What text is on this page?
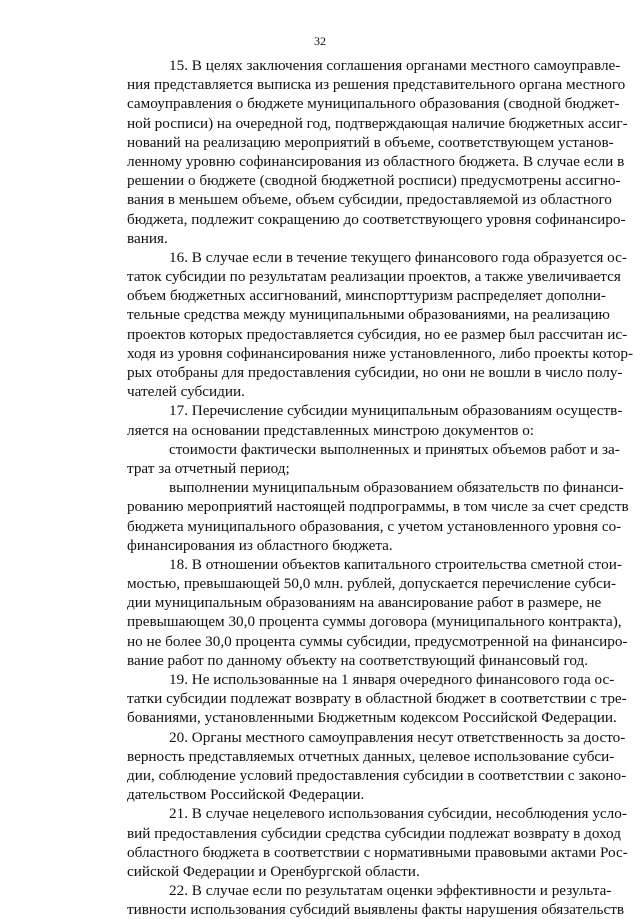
32
15. В целях заключения соглашения органами местного самоуправле-
ния представляется выписка из решения представительного органа местного
самоуправления о бюджете муниципального образования (сводной бюджет-
ной росписи) на очередной год, подтверждающая наличие бюджетных ассиг-
нований на реализацию мероприятий в объеме, соответствующем установ-
ленному уровню софинансирования из областного бюджета. В случае если в
решении о бюджете (сводной бюджетной росписи) предусмотрены ассигно-
вания в меньшем объеме, объем субсидии, предоставляемой из областного
бюджета, подлежит сокращению до соответствующего уровня софинансиро-
вания.
16. В случае если в течение текущего финансового года образуется ос-
таток субсидии по результатам реализации проектов, а также увеличивается
объем бюджетных ассигнований, минспорттуризм распределяет дополни-
тельные средства между муниципальными образованиями, на реализацию
проектов которых предоставляется субсидия, но ее размер был рассчитан ис-
ходя из уровня софинансирования ниже установленного, либо проекты котор-
рых отобраны для предоставления субсидии, но они не вошли в число полу-
чателей субсидии.
17. Перечисление субсидии муниципальным образованиям осуществ-
ляется на основании представленных минстрою документов о:
стоимости фактически выполненных и принятых объемов работ и за-
трат за отчетный период;
выполнении муниципальным образованием обязательств по финанси-
рованию мероприятий настоящей подпрограммы, в том числе за счет средств
бюджета муниципального образования, с учетом установленного уровня со-
финансирования из областного бюджета.
18. В отношении объектов капитального строительства сметной стои-
мостью, превышающей 50,0 млн. рублей, допускается перечисление субси-
дии муниципальным образованиям на авансирование работ в размере, не
превышающем 30,0 процента суммы договора (муниципального контракта),
но не более 30,0 процента суммы субсидии, предусмотренной на финансиро-
вание работ по данному объекту на соответствующий финансовый год.
19. Не использованные на 1 января очередного финансового года ос-
татки субсидии подлежат возврату в областной бюджет в соответствии с тре-
бованиями, установленными Бюджетным кодексом Российской Федерации.
20. Органы местного самоуправления несут ответственность за досто-
верность представляемых отчетных данных, целевое использование субси-
дии, соблюдение условий предоставления субсидии в соответствии с законо-
дательством Российской Федерации.
21. В случае нецелевого использования субсидии, несоблюдения усло-
вий предоставления субсидии средства субсидии подлежат возврату в доход
областного бюджета в соответствии с нормативными правовыми актами Рос-
сийской Федерации и Оренбургской области.
22. В случае если по результатам оценки эффективности и результа-
тивности использования субсидий выявлены факты нарушения обязательств
